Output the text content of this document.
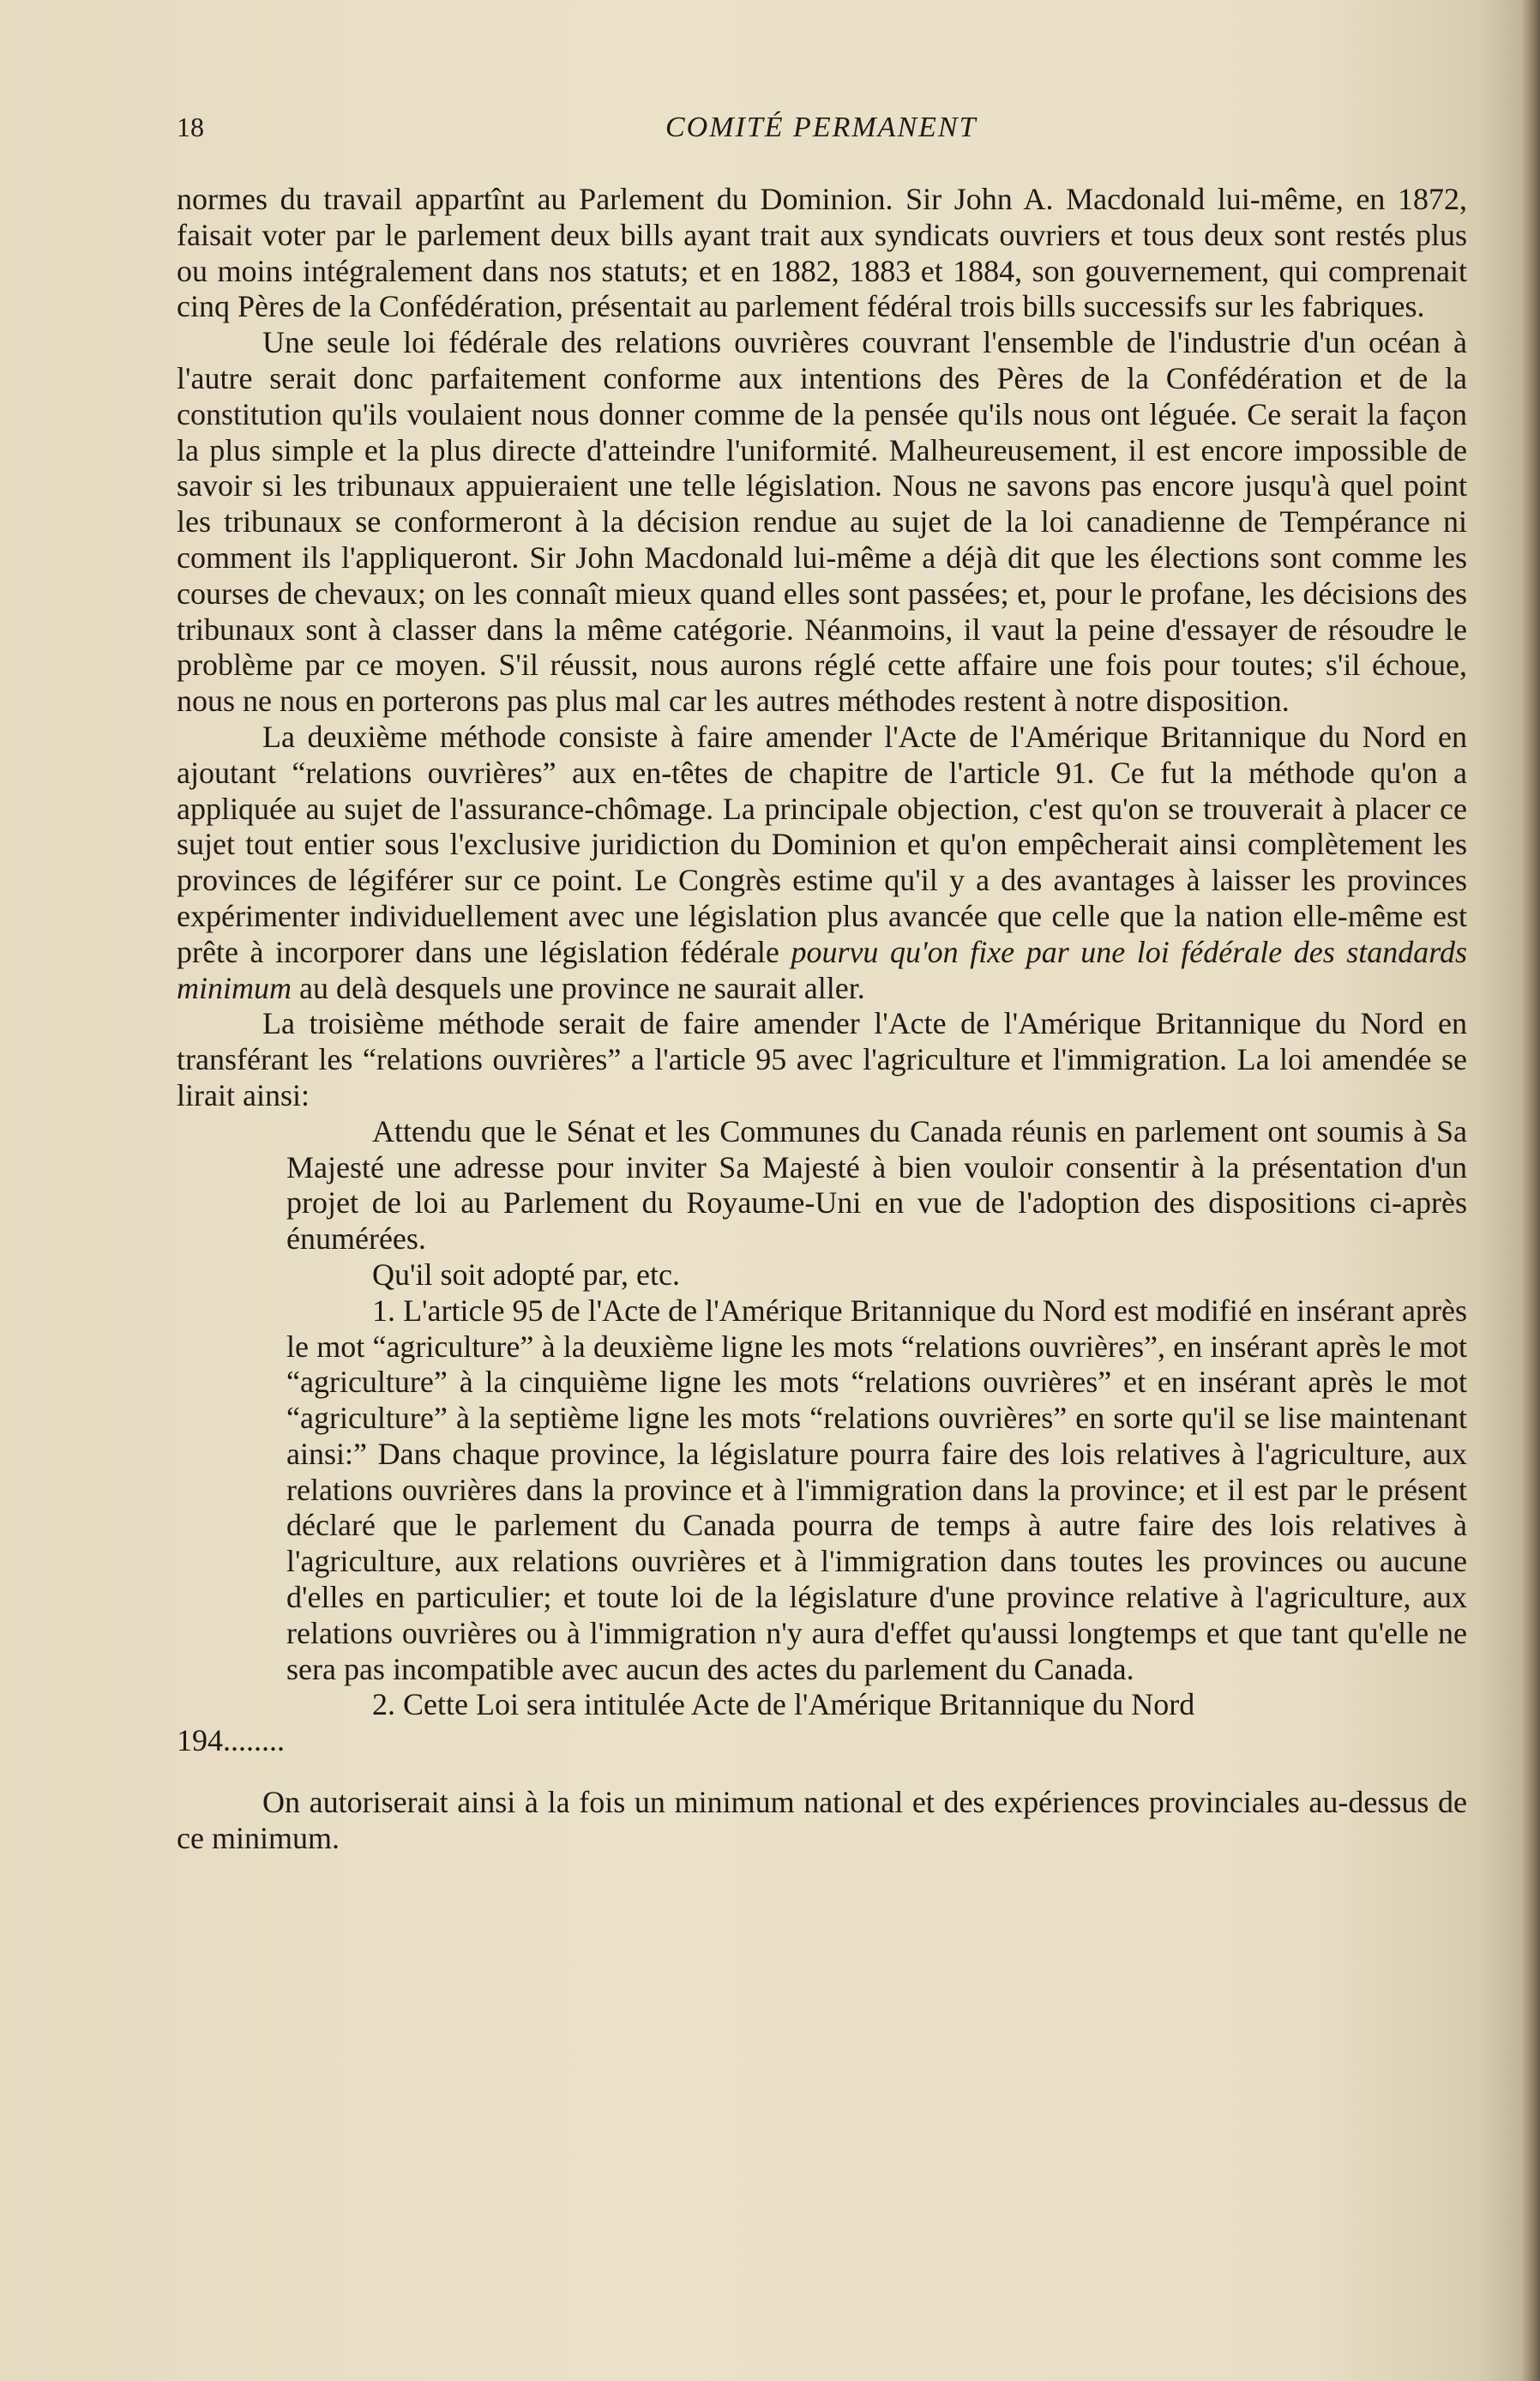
18	COMITÉ PERMANENT

normes du travail appartînt au Parlement du Dominion. Sir John A. Macdonald lui-même, en 1872, faisait voter par le parlement deux bills ayant trait aux syndicats ouvriers et tous deux sont restés plus ou moins intégralement dans nos statuts; et en 1882, 1883 et 1884, son gouvernement, qui comprenait cinq Pères de la Confédération, présentait au parlement fédéral trois bills successifs sur les fabriques.

Une seule loi fédérale des relations ouvrières couvrant l'ensemble de l'industrie d'un océan à l'autre serait donc parfaitement conforme aux intentions des Pères de la Confédération et de la constitution qu'ils voulaient nous donner comme de la pensée qu'ils nous ont léguée. Ce serait la façon la plus simple et la plus directe d'atteindre l'uniformité. Malheureusement, il est encore impossible de savoir si les tribunaux appuieraient une telle législation. Nous ne savons pas encore jusqu'à quel point les tribunaux se conformeront à la décision rendue au sujet de la loi canadienne de Tempérance ni comment ils l'appliqueront. Sir John Macdonald lui-même a déjà dit que les élections sont comme les courses de chevaux; on les connaît mieux quand elles sont passées; et, pour le profane, les décisions des tribunaux sont à classer dans la même catégorie. Néanmoins, il vaut la peine d'essayer de résoudre le problème par ce moyen. S'il réussit, nous aurons réglé cette affaire une fois pour toutes; s'il échoue, nous ne nous en porterons pas plus mal car les autres méthodes restent à notre disposition.

La deuxième méthode consiste à faire amender l'Acte de l'Amérique Britannique du Nord en ajoutant “relations ouvrières” aux en-têtes de chapitre de l'article 91. Ce fut la méthode qu'on a appliquée au sujet de l'assurance-chômage. La principale objection, c'est qu'on se trouverait à placer ce sujet tout entier sous l'exclusive juridiction du Dominion et qu'on empêcherait ainsi complètement les provinces de légiférer sur ce point. Le Congrès estime qu'il y a des avantages à laisser les provinces expérimenter individuellement avec une législation plus avancée que celle que la nation elle-même est prête à incorporer dans une législation fédérale pourvu qu'on fixe par une loi fédérale des standards minimum au delà desquels une province ne saurait aller.

La troisième méthode serait de faire amender l'Acte de l'Amérique Britannique du Nord en transférant les “relations ouvrières” a l'article 95 avec l'agriculture et l'immigration. La loi amendée se lirait ainsi:

Attendu que le Sénat et les Communes du Canada réunis en parlement ont soumis à Sa Majesté une adresse pour inviter Sa Majesté à bien vouloir consentir à la présentation d'un projet de loi au Parlement du Royaume-Uni en vue de l'adoption des dispositions ci-après énumérées.

Qu'il soit adopté par, etc.

1. L'article 95 de l'Acte de l'Amérique Britannique du Nord est modifié en insérant après le mot “agriculture” à la deuxième ligne les mots “relations ouvrières”, en insérant après le mot “agriculture” à la cinquième ligne les mots “relations ouvrières” et en insérant après le mot “agriculture” à la septième ligne les mots “relations ouvrières” en sorte qu'il se lise maintenant ainsi:” Dans chaque province, la législature pourra faire des lois relatives à l'agriculture, aux relations ouvrières dans la province et à l'immigration dans la province; et il est par le présent déclaré que le parlement du Canada pourra de temps à autre faire des lois relatives à l'agriculture, aux relations ouvrières et à l'immigration dans toutes les provinces ou aucune d'elles en particulier; et toute loi de la législature d'une province relative à l'agriculture, aux relations ouvrières ou à l'immigration n'y aura d'effet qu'aussi longtemps et que tant qu'elle ne sera pas incompatible avec aucun des actes du parlement du Canada.

2. Cette Loi sera intitulée Acte de l'Amérique Britannique du Nord

194........

On autoriserait ainsi à la fois un minimum national et des expériences provinciales au-dessus de ce minimum.
